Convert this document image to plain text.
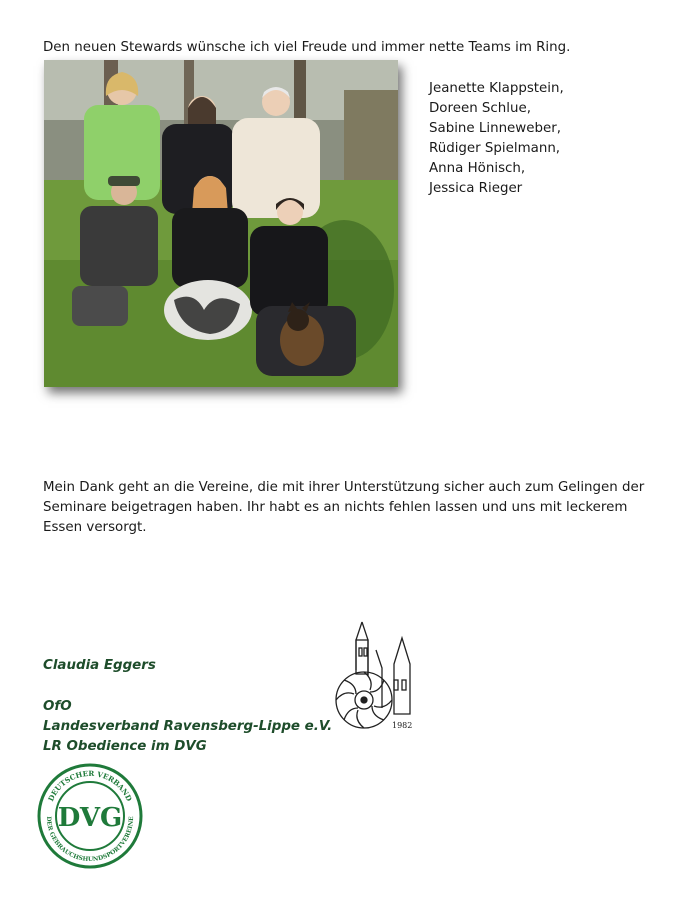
Den neuen Stewards wünsche ich viel Freude und immer nette Teams im Ring.
Jeanette Klappstein,
Doreen Schlue,
Sabine Linneweber,
Rüdiger Spielmann,
Anna Hönisch,
Jessica Rieger
Mein Dank geht an die Vereine, die mit ihrer Unterstützung sicher auch zum Gelingen der Seminare beigetragen haben. Ihr habt es an nichts fehlen lassen und uns mit leckerem Essen versorgt.
Claudia Eggers
OfO
Landesverband Ravensberg-Lippe e.V.
LR Obedience im DVG
1982
DEUTSCHER VERBAND
DER GEBRAUCHSHUNDSPORTVEREINE
DVG
